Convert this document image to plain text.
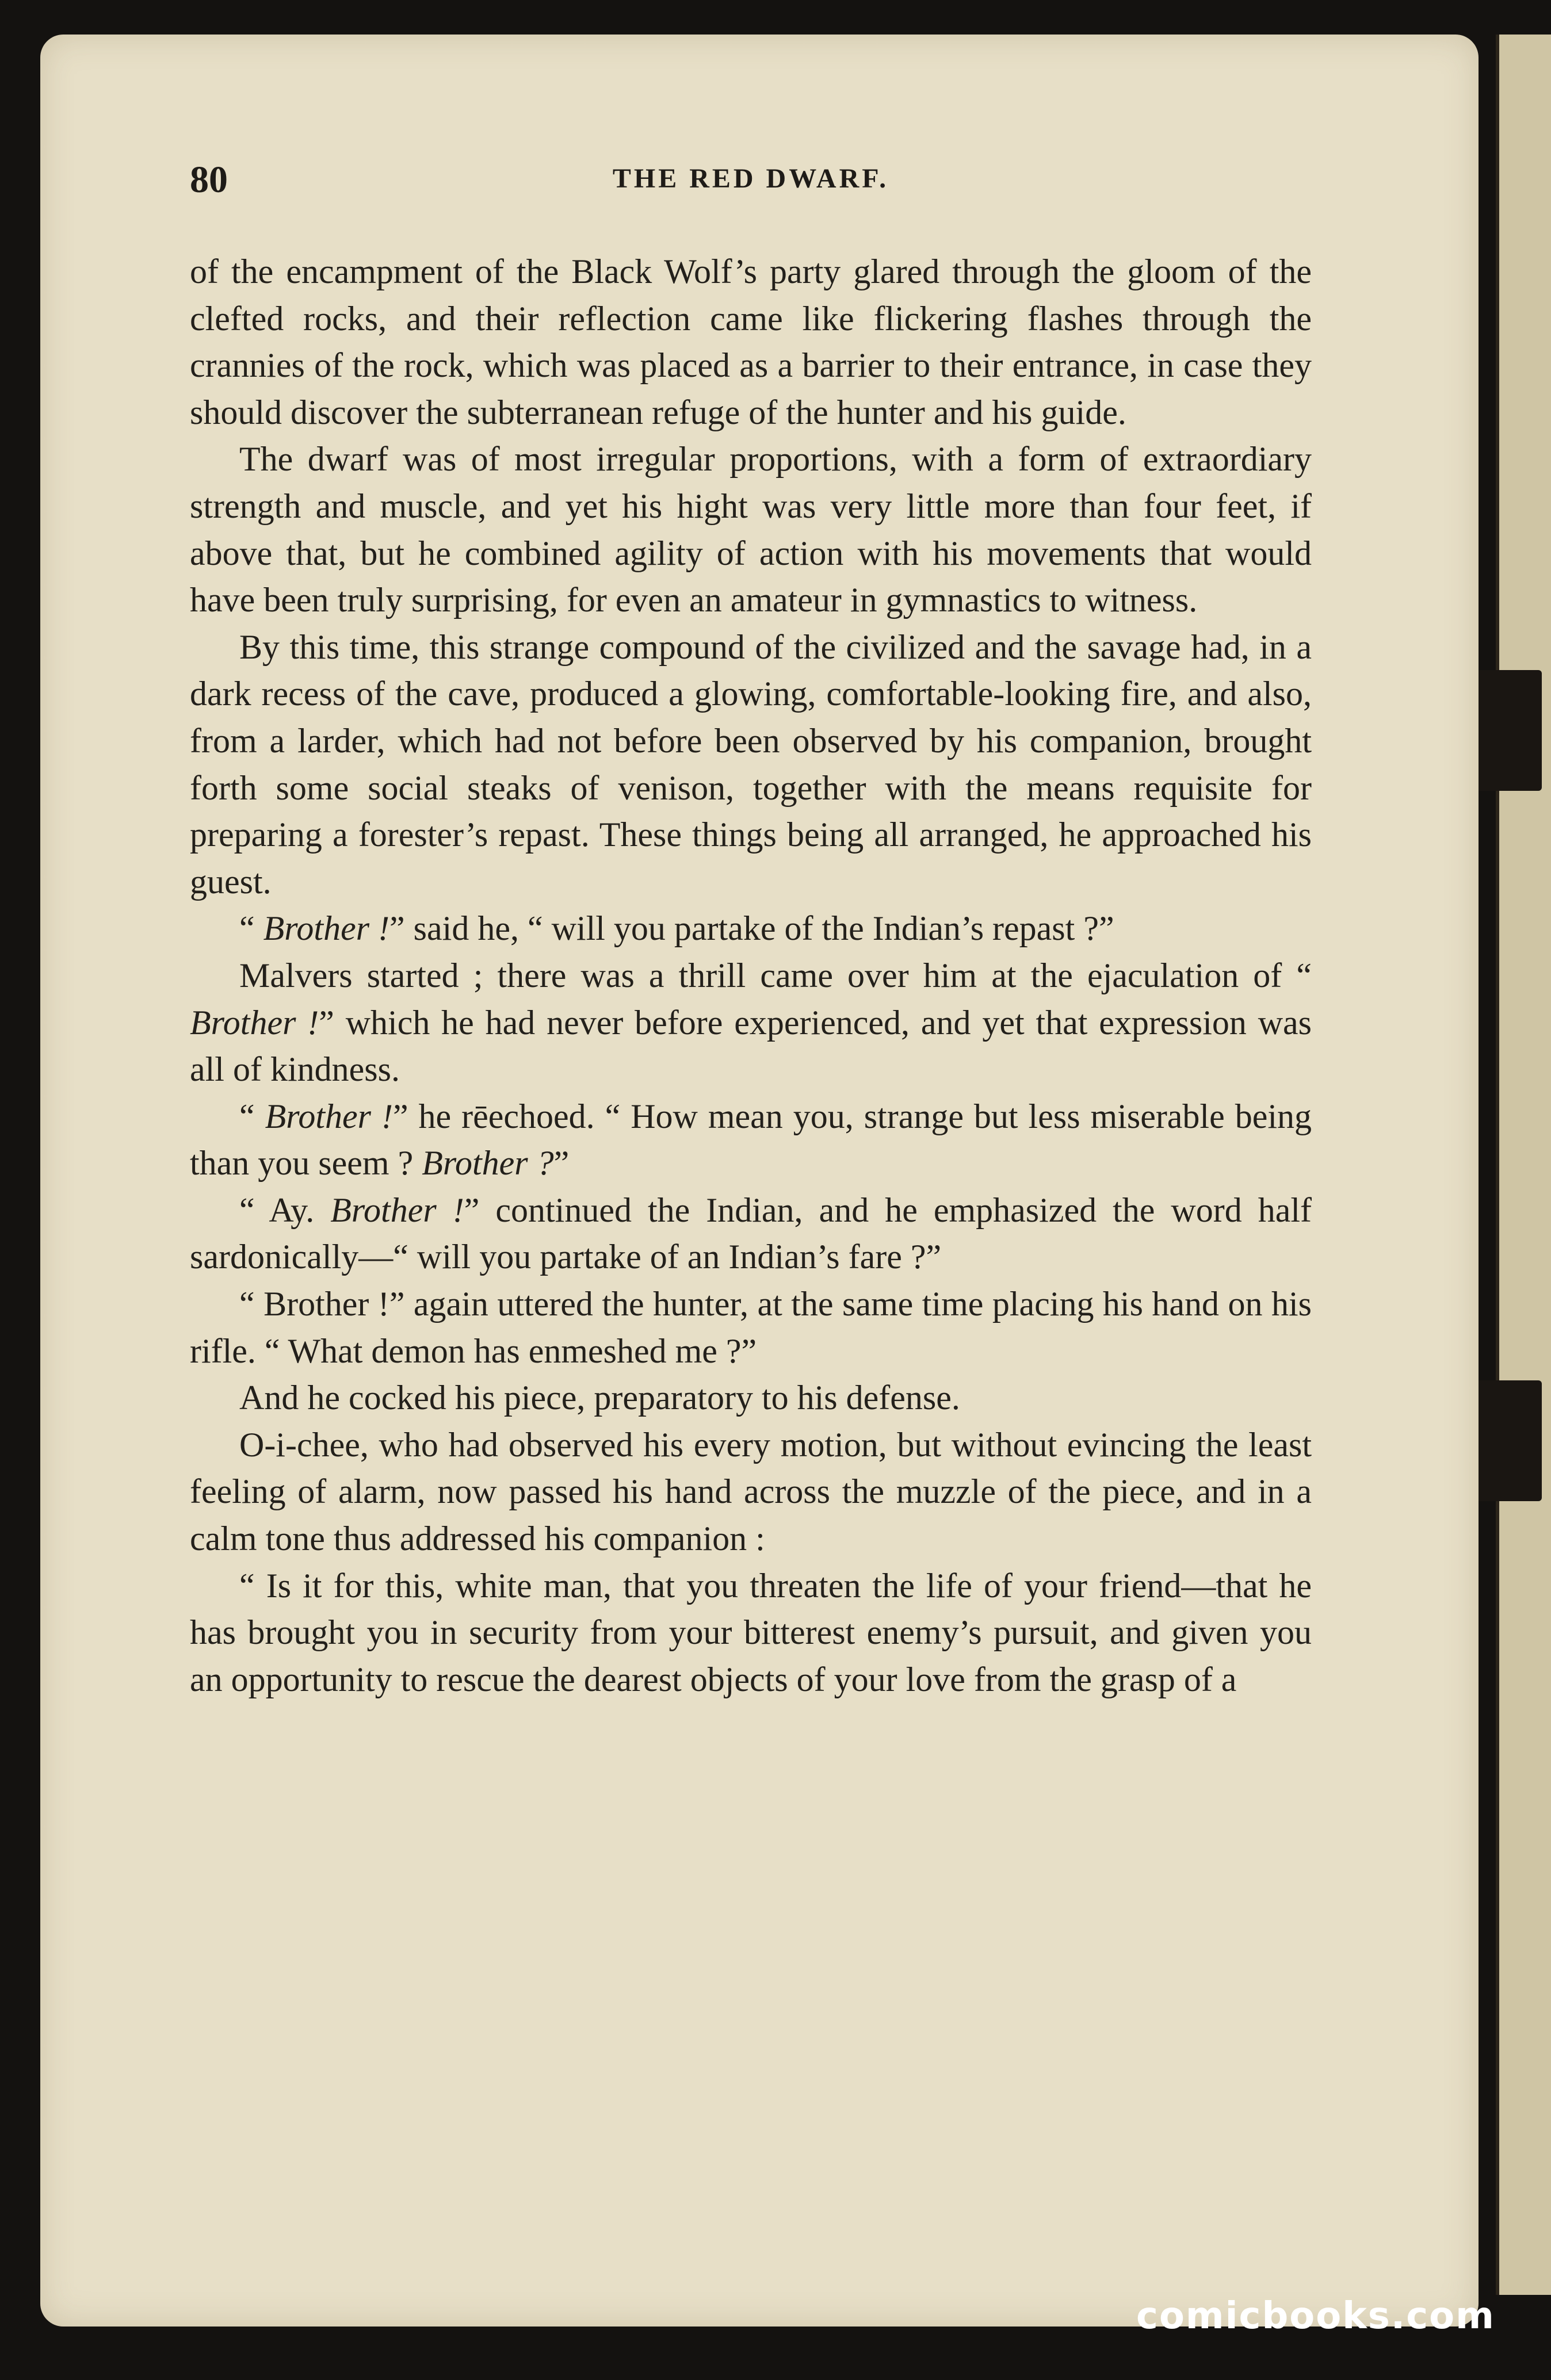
80	THE RED DWARF.

of the encampment of the Black Wolf’s party glared through the gloom of the clefted rocks, and their reflection came like flickering flashes through the crannies of the rock, which was placed as a barrier to their entrance, in case they should discover the subterranean refuge of the hunter and his guide.

The dwarf was of most irregular proportions, with a form of extraordiary strength and muscle, and yet his hight was very little more than four feet, if above that, but he combined agility of action with his movements that would have been truly surprising, for even an amateur in gymnastics to witness.

By this time, this strange compound of the civilized and the savage had, in a dark recess of the cave, produced a glowing, comfortable-looking fire, and also, from a larder, which had not before been observed by his companion, brought forth some social steaks of venison, together with the means requisite for preparing a forester’s repast. These things being all arranged, he approached his guest.

“ Brother !” said he, “ will you partake of the Indian’s repast ?”

Malvers started ; there was a thrill came over him at the ejaculation of “ Brother !” which he had never before experienced, and yet that expression was all of kindness.

“ Brother !” he rēechoed. “ How mean you, strange but less miserable being than you seem ? Brother ?”

“ Ay. Brother !” continued the Indian, and he emphasized the word half sardonically—“ will you partake of an Indian’s fare ?”

“ Brother !” again uttered the hunter, at the same time placing his hand on his rifle. “ What demon has enmeshed me ?”

And he cocked his piece, preparatory to his defense.

O-i-chee, who had observed his every motion, but without evincing the least feeling of alarm, now passed his hand across the muzzle of the piece, and in a calm tone thus addressed his companion :

“ Is it for this, white man, that you threaten the life of your friend—that he has brought you in security from your bitterest enemy’s pursuit, and given you an opportunity to rescue the dearest objects of your love from the grasp of a

comicbooks.com
